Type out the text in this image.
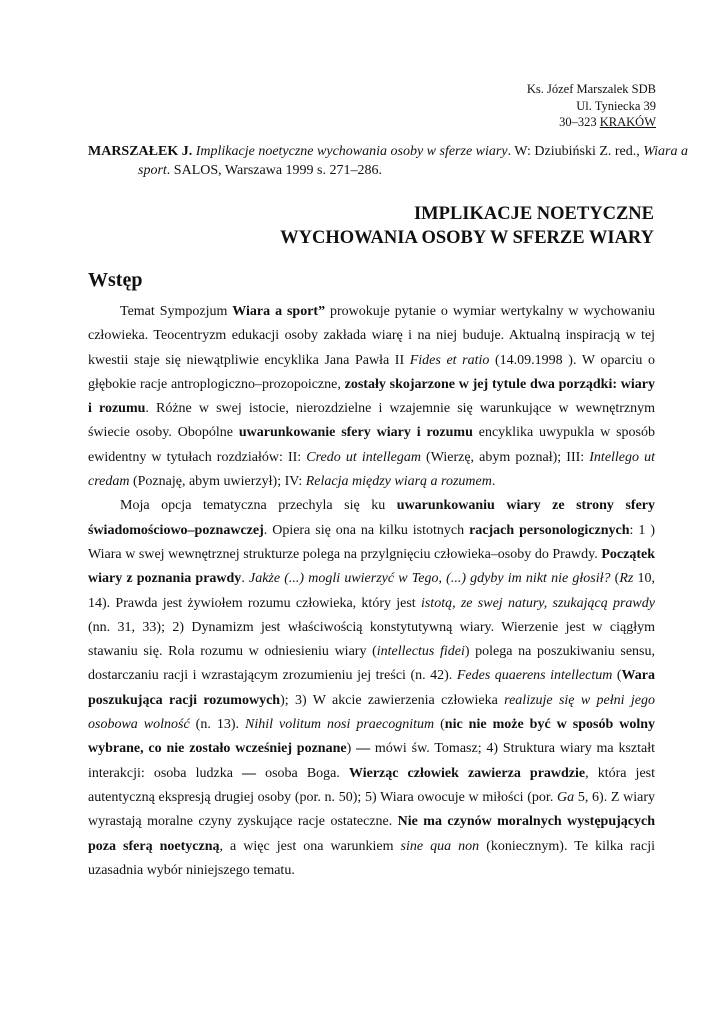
Ks. Józef Marszalek SDB
Ul. Tyniecka 39
30–323 KRAKÓW
MARSZAŁEK J. Implikacje noetyczne wychowania osoby w sferze wiary. W: Dziubiński Z. red., Wiara a sport. SALOS, Warszawa 1999 s. 271–286.
IMPLIKACJE NOETYCZNE
WYCHOWANIA OSOBY W SFERZE WIARY
Wstęp

Temat Sympozjum Wiara a sport” prowokuje pytanie o wymiar wertykalny w wychowaniu człowieka. Teocentryzm edukacji osoby zakłada wiarę i na niej buduje. Aktualną inspiracją w tej kwestii staje się niewątpliwie encyklika Jana Pawła II Fides et ratio (14.09.1998 ). W oparciu o głębokie racje antroplogiczno–prozopoiczne, zostały skojarzone w jej tytule dwa porządki: wiary i rozumu. Różne w swej istocie, nierozdzielne i wzajemnie się warunkujące w wewnętrznym świecie osoby. Obopólne uwarunkowanie sfery wiary i rozumu encyklika uwypukla w sposób ewidentny w tytułach rozdziałów: II: Credo ut intellegam (Wierzę, abym poznał); III: Intellego ut credam (Poznaję, abym uwierzył); IV: Relacja między wiarą a rozumem.

Moja opcja tematyczna przechyla się ku uwarunkowaniu wiary ze strony sfery świadomościowo–poznawczej. Opiera się ona na kilku istotnych racjach personologicznych: 1 ) Wiara w swej wewnętrznej strukturze polega na przylgnięciu człowieka–osoby do Prawdy. Początek wiary z poznania prawdy. Jakże (...) mogli uwierzyć w Tego, (...) gdyby im nikt nie głosił? (Rz 10, 14). Prawda jest żywiołem rozumu człowieka, który jest istotą, ze swej natury, szukającą prawdy (nn. 31, 33); 2) Dynamizm jest właściwością konstytutywną wiary. Wierzenie jest w ciągłym stawaniu się. Rola rozumu w odniesieniu wiary (intellectus fidei) polega na poszukiwaniu sensu, dostarczaniu racji i wzrastającym zrozumieniu jej treści (n. 42). Fedes quaerens intellectum (Wara poszukująca racji rozumowych); 3) W akcie zawierzenia człowieka realizuje się w pełni jego osobowa wolność (n. 13). Nihil volitum nosi praecognitum (nic nie może być w sposób wolny wybrane, co nie zostało wcześniej poznane) — mówi św. Tomasz; 4) Struktura wiary ma kształt interakcji: osoba ludzka — osoba Boga. Wierząc człowiek zawierza prawdzie, która jest autentyczną ekspresją drugiej osoby (por. n. 50); 5) Wiara owocuje w miłości (por. Ga 5, 6). Z wiary wyrastają moralne czyny zyskujące racje ostateczne. Nie ma czynów moralnych występujących poza sferą noetyczną, a więc jest ona warunkiem sine qua non (koniecznym). Te kilka racji uzasadnia wybór niniejszego tematu.
